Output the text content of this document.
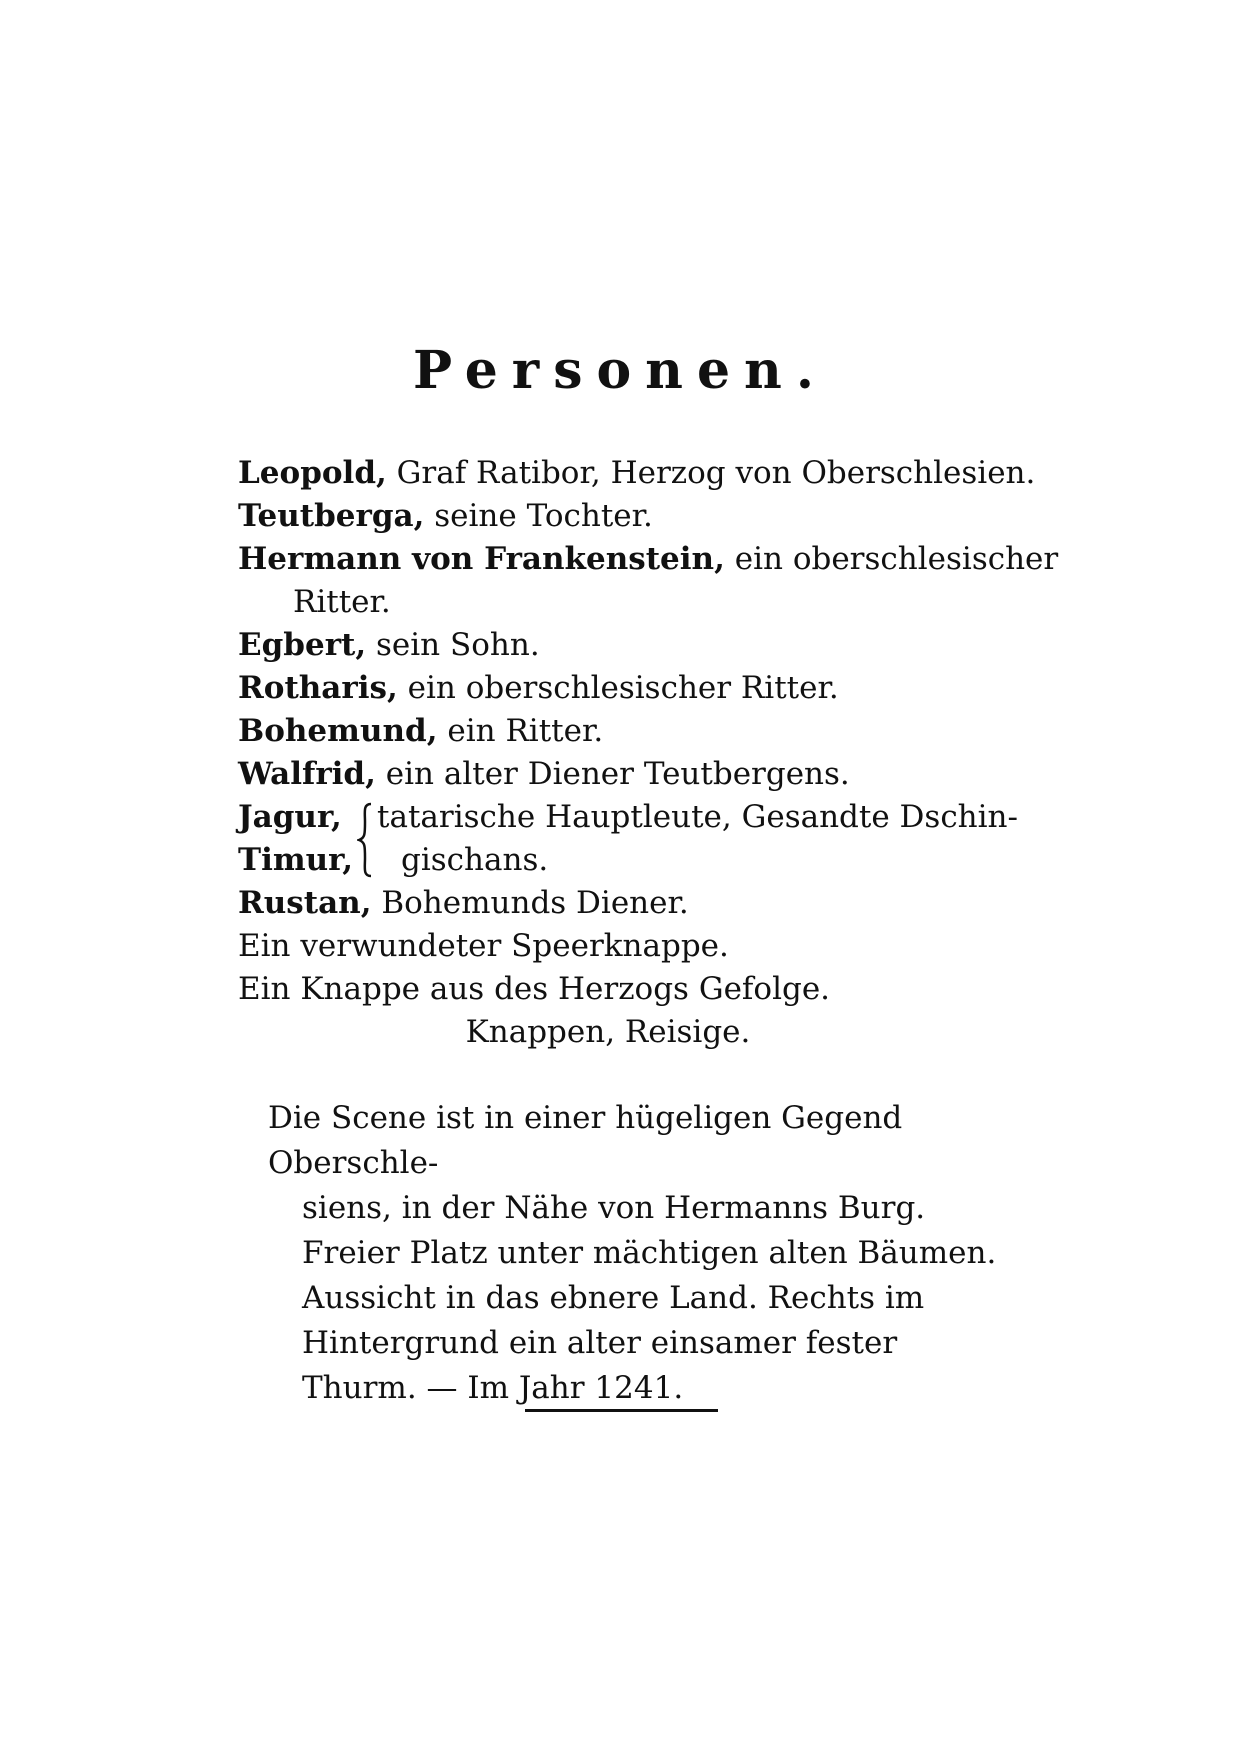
Personen.
Leopold, Graf Ratibor, Herzog von Oberschlesien.
Teutberga, seine Tochter.
Hermann von Frankenstein, ein oberschlesischer
Ritter.
Egbert, sein Sohn.
Rotharis, ein oberschlesischer Ritter.
Bohemund, ein Ritter.
Walfrid, ein alter Diener Teutbergens.
Jagur,
Timur,
tatarische Hauptleute, Gesandte Dschin-
gischans.
Rustan, Bohemunds Diener.
Ein verwundeter Speerknappe.
Ein Knappe aus des Herzogs Gefolge.
Knappen, Reisige.
Die Scene ist in einer hügeligen Gegend Oberschle-
siens, in der Nähe von Hermanns Burg. Freier Platz unter mächtigen alten Bäumen. Aussicht in das ebnere Land. Rechts im Hintergrund ein alter einsamer fester Thurm. — Im Jahr 1241.
